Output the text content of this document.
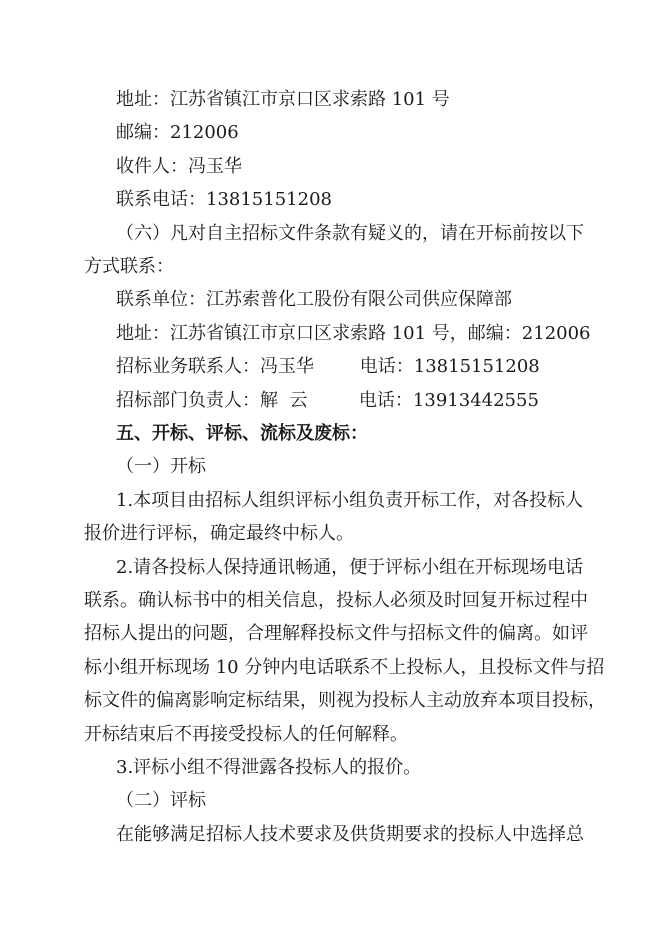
地址：江苏省镇江市京口区求索路 101 号
邮编：212006
收件人：冯玉华
联系电话：13815151208
（六）凡对自主招标文件条款有疑义的，请在开标前按以下
方式联系：
联系单位：江苏索普化工股份有限公司供应保障部
地址：江苏省镇江市京口区求索路 101 号，邮编：212006
招标业务联系人：冯玉华        电话：13815151208
招标部门负责人：解  云         电话：13913442555
五、开标、评标、流标及废标：
（一）开标
1.本项目由招标人组织评标小组负责开标工作，对各投标人
报价进行评标，确定最终中标人。
2.请各投标人保持通讯畅通，便于评标小组在开标现场电话
联系。确认标书中的相关信息，投标人必须及时回复开标过程中
招标人提出的问题，合理解释投标文件与招标文件的偏离。如评
标小组开标现场 10 分钟内电话联系不上投标人，且投标文件与招
标文件的偏离影响定标结果，则视为投标人主动放弃本项目投标，
开标结束后不再接受投标人的任何解释。
3.评标小组不得泄露各投标人的报价。
（二）评标
在能够满足招标人技术要求及供货期要求的投标人中选择总
